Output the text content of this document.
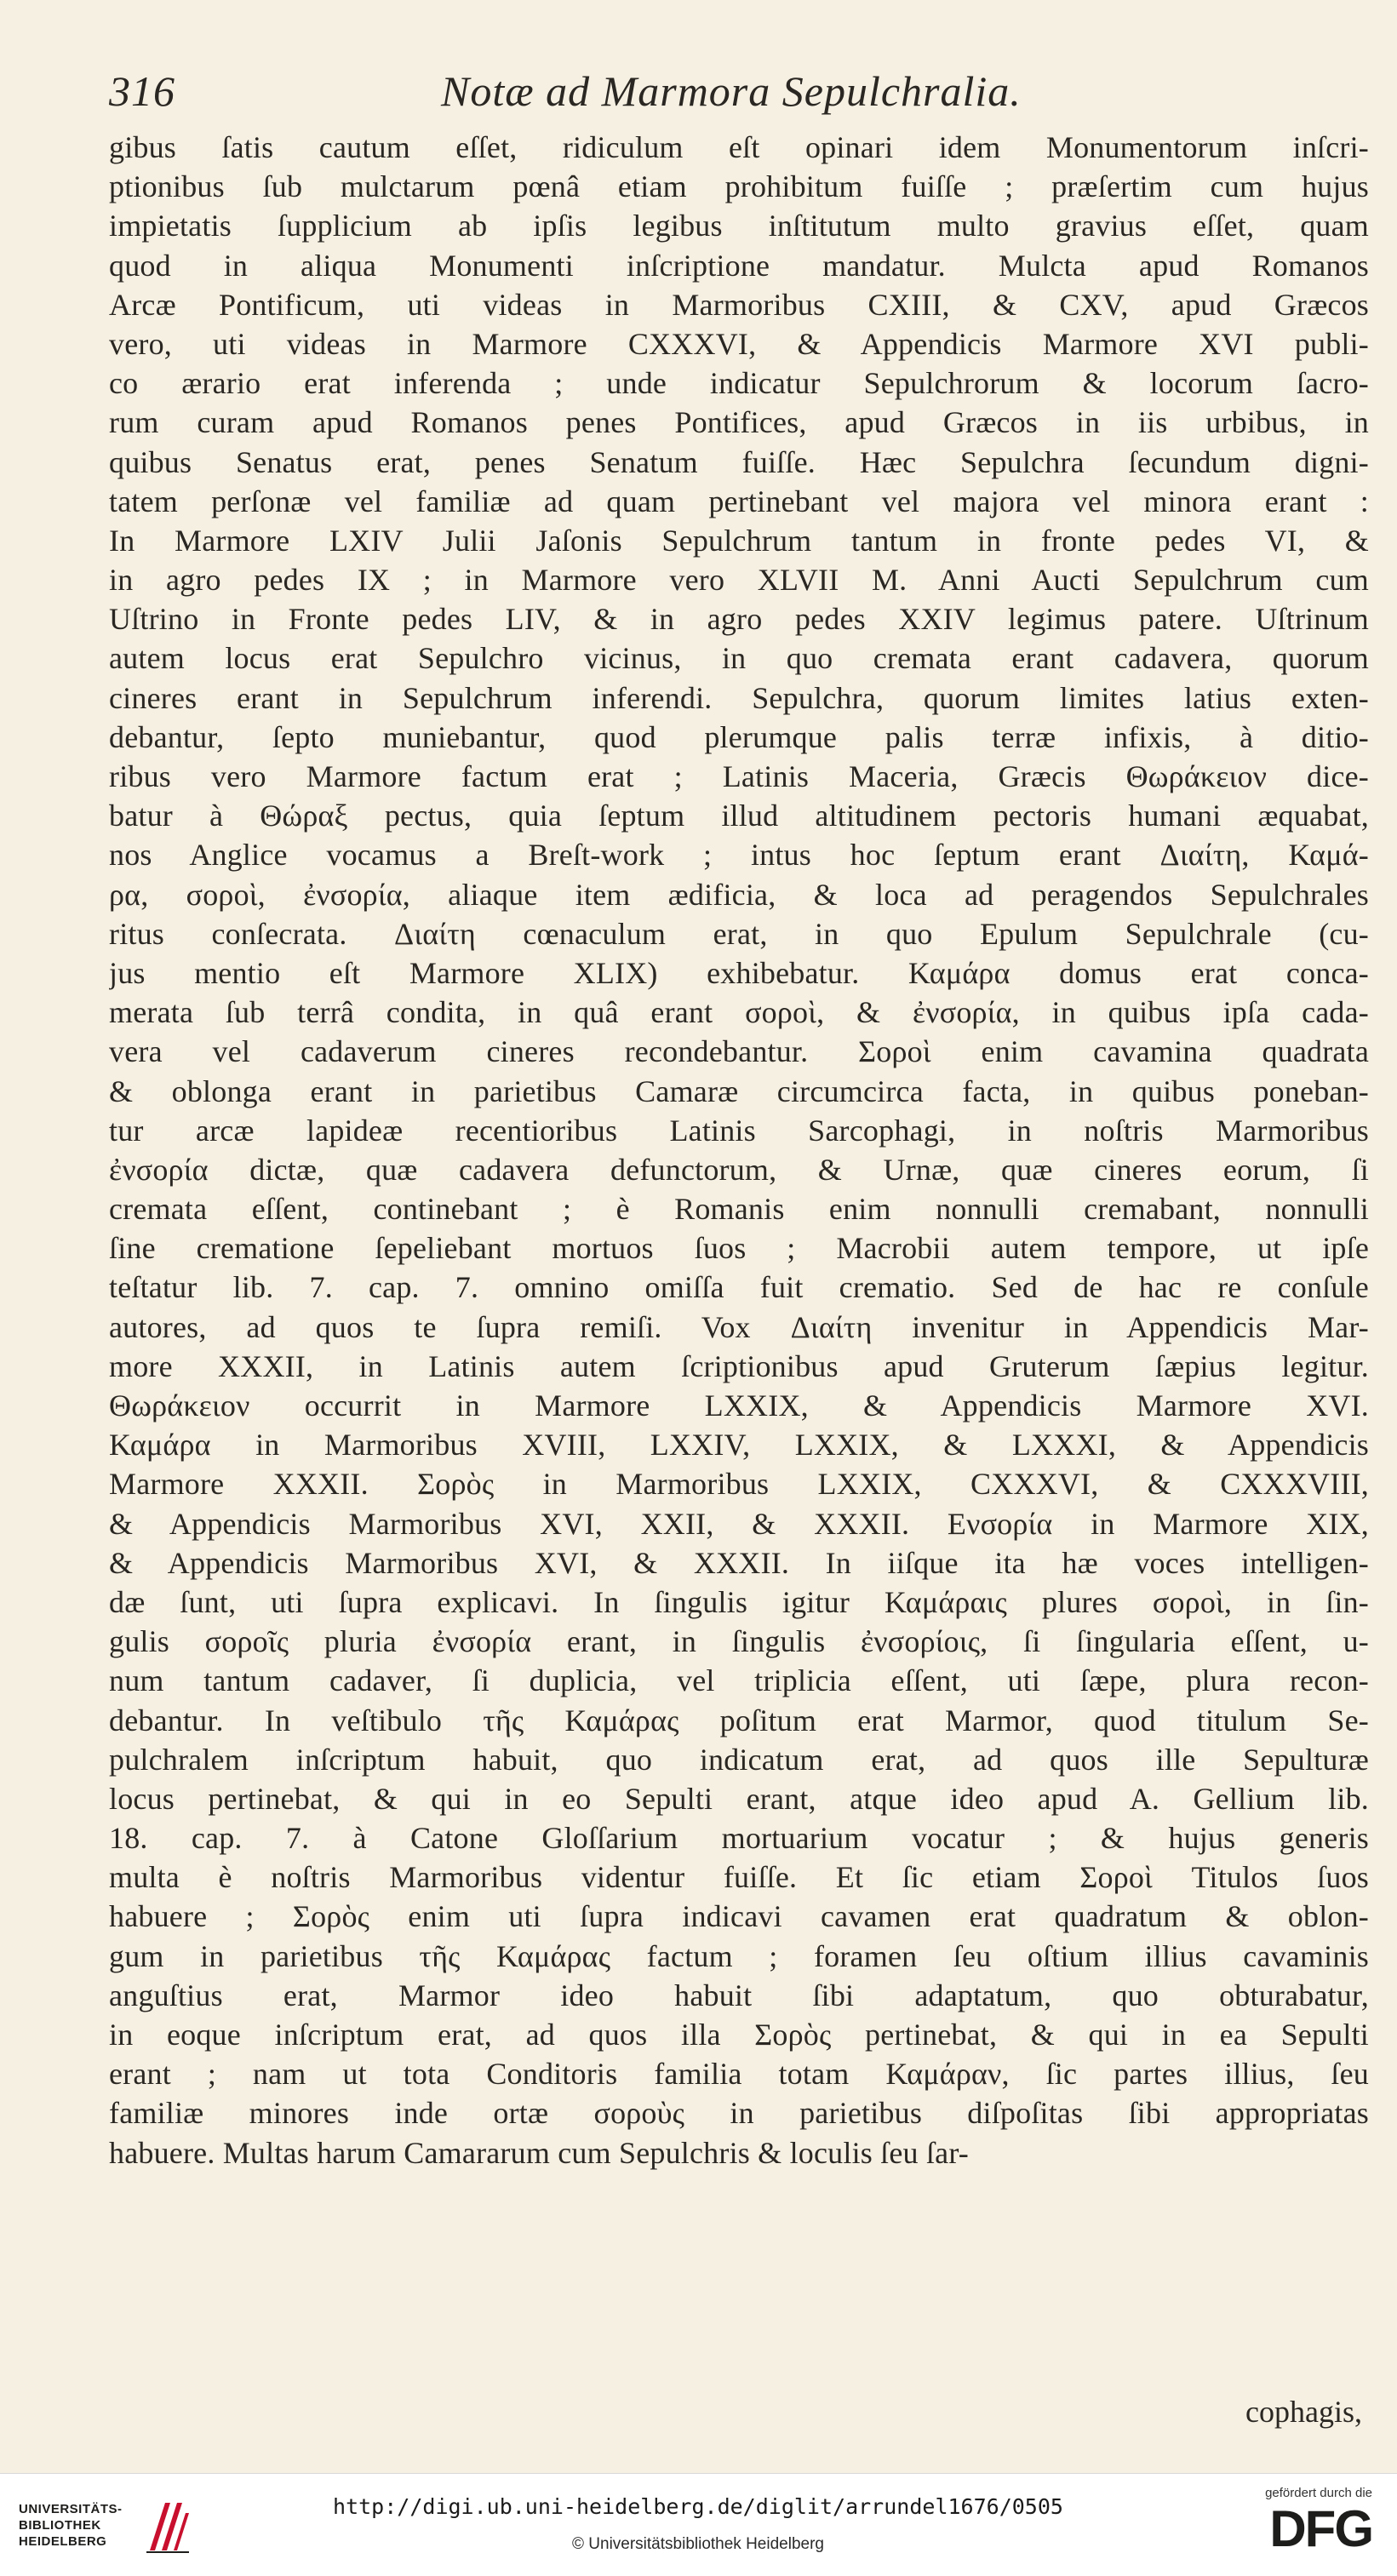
316	Notæ ad Marmora Sepulchralia.
gibus ſatis cautum eſſet, ridiculum eſt opinari idem Monumentorum inſcri-
ptionibus ſub mulctarum pœnâ etiam prohibitum fuiſſe ; præſertim cum hujus
impietatis ſupplicium ab ipſis legibus inſtitutum multo gravius eſſet, quam
quod in aliqua Monumenti inſcriptione mandatur. Mulcta apud Romanos
Arcæ Pontificum, uti videas in Marmoribus CXIII, & CXV, apud Græcos
vero, uti videas in Marmore CXXXVI, & Appendicis Marmore XVI publi-
co ærario erat inferenda ; unde indicatur Sepulchrorum & locorum ſacro-
rum curam apud Romanos penes Pontifices, apud Græcos in iis urbibus, in
quibus Senatus erat, penes Senatum fuiſſe. Hæc Sepulchra ſecundum digni-
tatem perſonæ vel familiæ ad quam pertinebant vel majora vel minora erant :
In Marmore LXIV Julii Jaſonis Sepulchrum tantum in fronte pedes VI, &
in agro pedes IX ; in Marmore vero XLVII M. Anni Aucti Sepulchrum cum
Uſtrino in Fronte pedes LIV, & in agro pedes XXIV legimus patere. Uſtrinum
autem locus erat Sepulchro vicinus, in quo cremata erant cadavera, quorum
cineres erant in Sepulchrum inferendi. Sepulchra, quorum limites latius exten-
debantur, ſepto muniebantur, quod plerumque palis terræ infixis, à ditio-
ribus vero Marmore factum erat ; Latinis Maceria, Græcis Θωράκειον dice-
batur à Θώραξ pectus, quia ſeptum illud altitudinem pectoris humani æquabat,
nos Anglice vocamus a Breſt-work ; intus hoc ſeptum erant Διαίτη, Καμά-
ρα, σοροὶ, ἐνσορία, aliaque item ædificia, & loca ad peragendos Sepulchrales
ritus conſecrata. Διαίτη cœnaculum erat, in quo Epulum Sepulchrale (cu-
jus mentio eſt Marmore XLIX) exhibebatur. Καμάρα domus erat conca-
merata ſub terrâ condita, in quâ erant σοροὶ, & ἐνσορία, in quibus ipſa cada-
vera vel cadaverum cineres recondebantur. Σοροὶ enim cavamina quadrata
& oblonga erant in parietibus Camaræ circumcirca facta, in quibus poneban-
tur arcæ lapideæ recentioribus Latinis Sarcophagi, in noſtris Marmoribus
ἐνσορία dictæ, quæ cadavera defunctorum, & Urnæ, quæ cineres eorum, ſi
cremata eſſent, continebant ; è Romanis enim nonnulli cremabant, nonnulli
ſine crematione ſepeliebant mortuos ſuos ; Macrobii autem tempore, ut ipſe
teſtatur lib. 7. cap. 7. omnino omiſſa fuit crematio. Sed de hac re conſule
autores, ad quos te ſupra remiſi. Vox Διαίτη invenitur in Appendicis Mar-
more XXXII, in Latinis autem ſcriptionibus apud Gruterum ſæpius legitur.
Θωράκειον occurrit in Marmore LXXIX, & Appendicis Marmore XVI.
Καμάρα in Marmoribus XVIII, LXXIV, LXXIX, & LXXXI, & Appendicis
Marmore XXXII. Σορὸς in Marmoribus LXXIX, CXXXVI, & CXXXVIII,
& Appendicis Marmoribus XVI, XXII, & XXXII. Ενσορία in Marmore XIX,
& Appendicis Marmoribus XVI, & XXXII. In iiſque ita hæ voces intelligen-
dæ ſunt, uti ſupra explicavi. In ſingulis igitur Καμάραις plures σοροὶ, in ſin-
gulis σοροῖς pluria ἐνσορία erant, in ſingulis ἐνσορίοις, ſi ſingularia eſſent, u-
num tantum cadaver, ſi duplicia, vel triplicia eſſent, uti ſæpe, plura recon-
debantur. In veſtibulo τῆς Καμάρας poſitum erat Marmor, quod titulum Se-
pulchralem inſcriptum habuit, quo indicatum erat, ad quos ille Sepulturæ
locus pertinebat, & qui in eo Sepulti erant, atque ideo apud A. Gellium lib.
18. cap. 7. à Catone Gloſſarium mortuarium vocatur ; & hujus generis
multa è noſtris Marmoribus videntur fuiſſe. Et ſic etiam Σοροὶ Titulos ſuos
habuere ; Σορὸς enim uti ſupra indicavi cavamen erat quadratum & oblon-
gum in parietibus τῆς Καμάρας factum ; foramen ſeu oſtium illius cavaminis
anguſtius erat, Marmor ideo habuit ſibi adaptatum, quo obturabatur,
in eoque inſcriptum erat, ad quos illa Σορὸς pertinebat, & qui in ea Sepulti
erant ; nam ut tota Conditoris familia totam Καμάραν, ſic partes illius, ſeu
familiæ minores inde ortæ σοροὺς in parietibus diſpoſitas ſibi appropriatas
habuere. Multas harum Camararum cum Sepulchris & loculis ſeu ſar-
cophagis,
UNIVERSITÄTS-
BIBLIOTHEK
HEIDELBERG
http://digi.ub.uni-heidelberg.de/diglit/arrundel1676/0505
© Universitätsbibliothek Heidelberg
gefördert durch die
DFG
